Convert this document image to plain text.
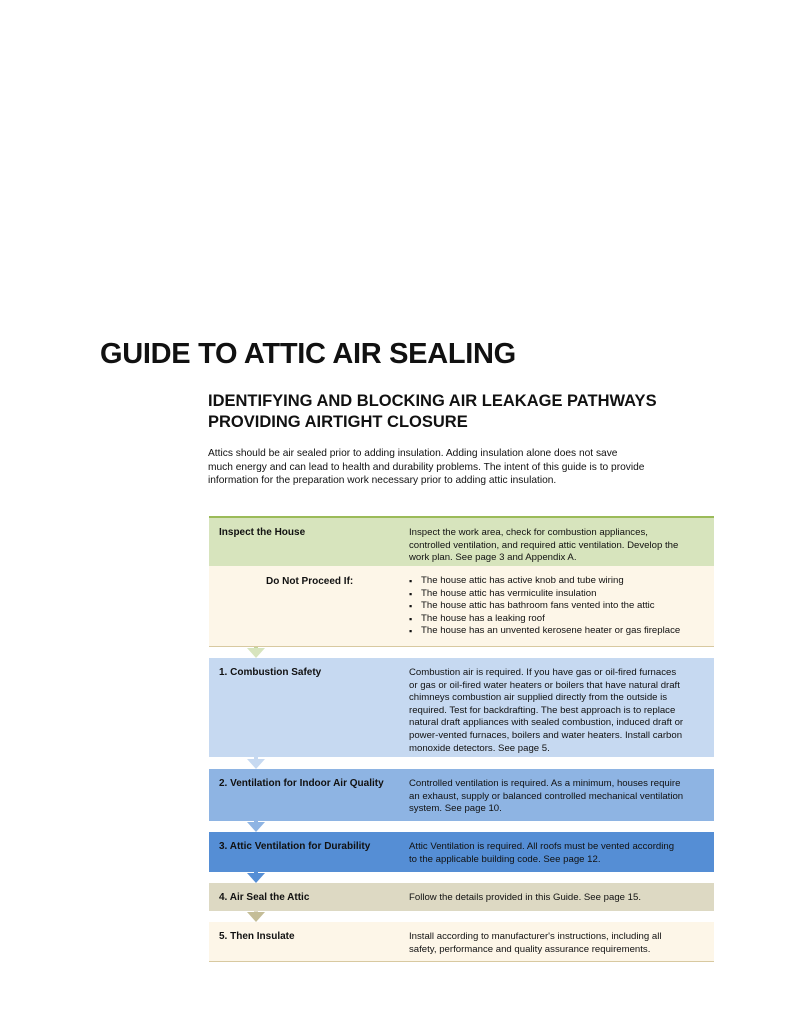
GUIDE TO ATTIC AIR SEALING
IDENTIFYING AND BLOCKING AIR LEAKAGE PATHWAYS
PROVIDING AIRTIGHT CLOSURE

Attics should be air sealed prior to adding insulation. Adding insulation alone does not save
much energy and can lead to health and durability problems. The intent of this guide is to provide
information for the preparation work necessary prior to adding attic insulation.

Inspect the House	Inspect the work area, check for combustion appliances,
controlled ventilation, and required attic ventilation. Develop the
work plan. See page 3 and Appendix A.
Do Not Proceed If:
▪	The house attic has active knob and tube wiring
▪ The house attic has vermiculite insulation
▪ The house attic has bathroom fans vented into the attic
▪ The house has a leaking roof
▪ The house has an unvented kerosene heater or gas fireplace
1. Combustion Safety	Combustion air is required. If you have gas or oil-fired furnaces
or gas or oil-fired water heaters or boilers that have natural draft
chimneys combustion air supplied directly from the outside is
required. Test for backdrafting. The best approach is to replace
natural draft appliances with sealed combustion, induced draft or
power-vented furnaces, boilers and water heaters. Install carbon
monoxide detectors. See page 5.
2. Ventilation for Indoor Air Quality	Controlled ventilation is required. As a minimum, houses require
an exhaust, supply or balanced controlled mechanical ventilation
system. See page 10.
3. Attic Ventilation for Durability	Attic Ventilation is required. All roofs must be vented according
to the applicable building code. See page 12.
4. Air Seal the Attic	Follow the details provided in this Guide. See page 15.
5. Then Insulate	Install according to manufacturer's instructions, including all
safety, performance and quality assurance requirements.
